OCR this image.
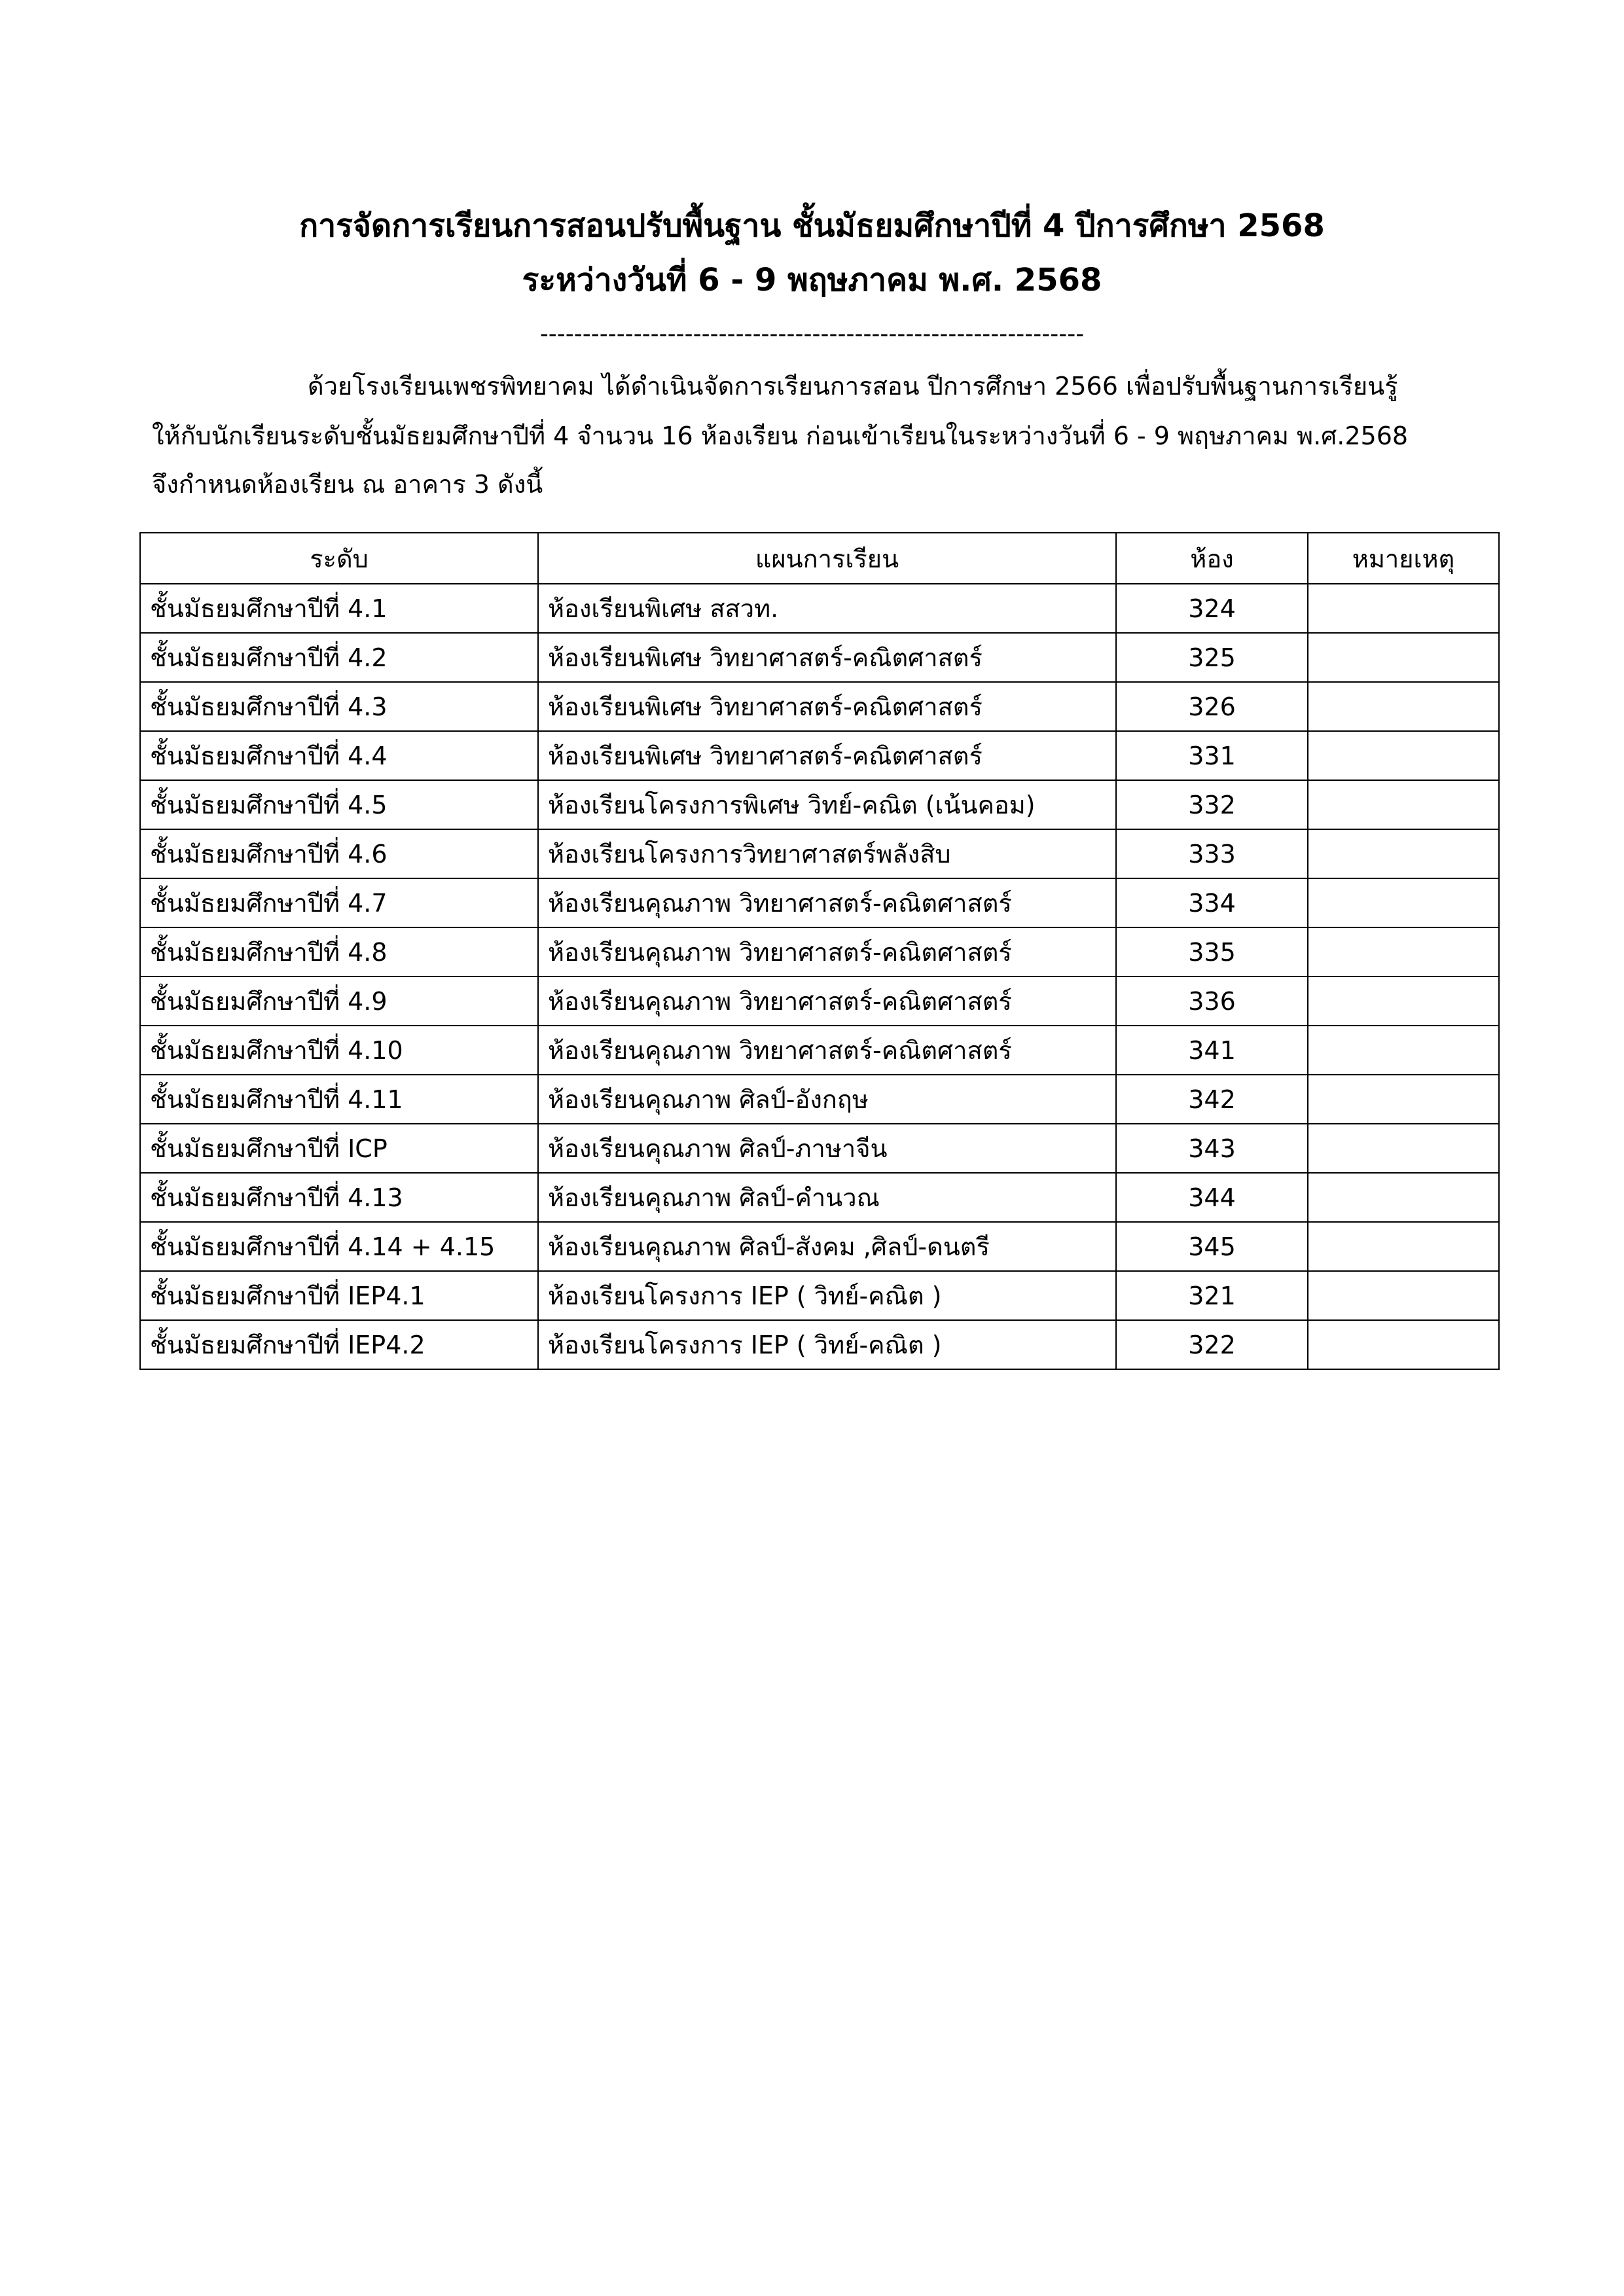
การจัดการเรียนการสอนปรับพื้นฐาน ชั้นมัธยมศึกษาปีที่ 4 ปีการศึกษา 2568
ระหว่างวันที่ 6 - 9 พฤษภาคม พ.ศ. 2568
----------------------------------------------------------------
ด้วยโรงเรียนเพชรพิทยาคม ได้ดำเนินจัดการเรียนการสอน ปีการศึกษา 2566 เพื่อปรับพื้นฐานการเรียนรู้
ให้กับนักเรียนระดับชั้นมัธยมศึกษาปีที่ 4 จำนวน 16 ห้องเรียน ก่อนเข้าเรียนในระหว่างวันที่ 6 - 9 พฤษภาคม พ.ศ.2568
จึงกำหนดห้องเรียน ณ อาคาร 3 ดังนี้
ระดับ	แผนการเรียน	ห้อง	หมายเหตุ
ชั้นมัธยมศึกษาปีที่ 4.1	ห้องเรียนพิเศษ สสวท.	324	
ชั้นมัธยมศึกษาปีที่ 4.2	ห้องเรียนพิเศษ วิทยาศาสตร์-คณิตศาสตร์	325	
ชั้นมัธยมศึกษาปีที่ 4.3	ห้องเรียนพิเศษ วิทยาศาสตร์-คณิตศาสตร์	326	
ชั้นมัธยมศึกษาปีที่ 4.4	ห้องเรียนพิเศษ วิทยาศาสตร์-คณิตศาสตร์	331	
ชั้นมัธยมศึกษาปีที่ 4.5	ห้องเรียนโครงการพิเศษ วิทย์-คณิต (เน้นคอม)	332	
ชั้นมัธยมศึกษาปีที่ 4.6	ห้องเรียนโครงการวิทยาศาสตร์พลังสิบ	333	
ชั้นมัธยมศึกษาปีที่ 4.7	ห้องเรียนคุณภาพ วิทยาศาสตร์-คณิตศาสตร์	334	
ชั้นมัธยมศึกษาปีที่ 4.8	ห้องเรียนคุณภาพ วิทยาศาสตร์-คณิตศาสตร์	335	
ชั้นมัธยมศึกษาปีที่ 4.9	ห้องเรียนคุณภาพ วิทยาศาสตร์-คณิตศาสตร์	336	
ชั้นมัธยมศึกษาปีที่ 4.10	ห้องเรียนคุณภาพ วิทยาศาสตร์-คณิตศาสตร์	341	
ชั้นมัธยมศึกษาปีที่ 4.11	ห้องเรียนคุณภาพ ศิลป์-อังกฤษ	342	
ชั้นมัธยมศึกษาปีที่ ICP	ห้องเรียนคุณภาพ ศิลป์-ภาษาจีน	343	
ชั้นมัธยมศึกษาปีที่ 4.13	ห้องเรียนคุณภาพ ศิลป์-คำนวณ	344	
ชั้นมัธยมศึกษาปีที่ 4.14 + 4.15	ห้องเรียนคุณภาพ ศิลป์-สังคม ,ศิลป์-ดนตรี	345	
ชั้นมัธยมศึกษาปีที่ IEP4.1	ห้องเรียนโครงการ IEP ( วิทย์-คณิต )	321	
ชั้นมัธยมศึกษาปีที่ IEP4.2	ห้องเรียนโครงการ IEP ( วิทย์-คณิต )	322	
